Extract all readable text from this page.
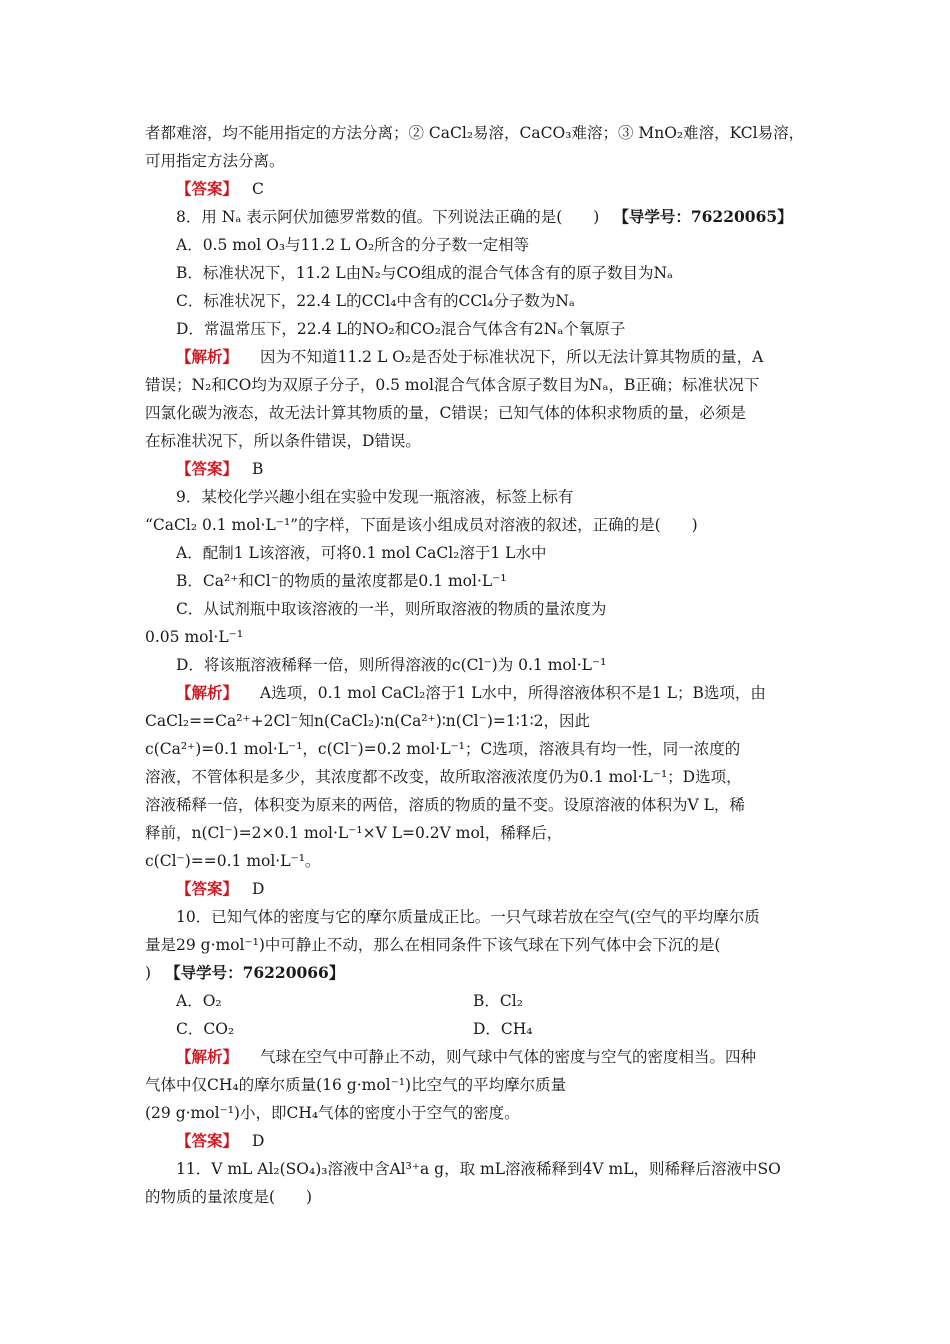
者都难溶，均不能用指定的方法分离；② CaCl₂易溶，CaCO₃难溶；③ MnO₂难溶，KCl易溶，
可用指定方法分离。
【答案】 C
8．用 Nₐ 表示阿伏加德罗常数的值。下列说法正确的是(　　) 【导学号：76220065】
A．0.5 mol O₃与11.2 L O₂所含的分子数一定相等
B．标准状况下，11.2 L由N₂与CO组成的混合气体含有的原子数目为Nₐ
C．标准状况下，22.4 L的CCl₄中含有的CCl₄分子数为Nₐ
D．常温常压下，22.4 L的NO₂和CO₂混合气体含有2Nₐ个氧原子
【解析】 因为不知道11.2 L O₂是否处于标准状况下，所以无法计算其物质的量，A
错误；N₂和CO均为双原子分子，0.5 mol混合气体含原子数目为Nₐ，B正确；标准状况下
四氯化碳为液态，故无法计算其物质的量，C错误；已知气体的体积求物质的量，必须是
在标准状况下，所以条件错误，D错误。
【答案】 B
9．某校化学兴趣小组在实验中发现一瓶溶液，标签上标有
“CaCl₂ 0.1 mol·L⁻¹”的字样，下面是该小组成员对溶液的叙述，正确的是(　　)
A．配制1 L该溶液，可将0.1 mol CaCl₂溶于1 L水中
B．Ca²⁺和Cl⁻的物质的量浓度都是0.1 mol·L⁻¹
C．从试剂瓶中取该溶液的一半，则所取溶液的物质的量浓度为
0.05 mol·L⁻¹
D．将该瓶溶液稀释一倍，则所得溶液的c(Cl⁻)为 0.1 mol·L⁻¹
【解析】 A选项，0.1 mol CaCl₂溶于1 L水中，所得溶液体积不是1 L；B选项，由
CaCl₂==Ca²⁺+2Cl⁻知n(CaCl₂)∶n(Ca²⁺)∶n(Cl⁻)=1∶1∶2，因此
c(Ca²⁺)=0.1 mol·L⁻¹，c(Cl⁻)=0.2 mol·L⁻¹；C选项，溶液具有均一性，同一浓度的
溶液，不管体积是多少，其浓度都不改变，故所取溶液浓度仍为0.1 mol·L⁻¹；D选项，
溶液稀释一倍，体积变为原来的两倍，溶质的物质的量不变。设原溶液的体积为V L，稀
释前，n(Cl⁻)=2×0.1 mol·L⁻¹×V L=0.2V mol，稀释后，
c(Cl⁻)==0.1 mol·L⁻¹。
【答案】 D
10．已知气体的密度与它的摩尔质量成正比。一只气球若放在空气(空气的平均摩尔质
量是29 g·mol⁻¹)中可静止不动，那么在相同条件下该气球在下列气体中会下沉的是(
) 【导学号：76220066】
A．O₂	B．Cl₂
C．CO₂	D．CH₄
【解析】 气球在空气中可静止不动，则气球中气体的密度与空气的密度相当。四种
气体中仅CH₄的摩尔质量(16 g·mol⁻¹)比空气的平均摩尔质量
(29 g·mol⁻¹)小，即CH₄气体的密度小于空气的密度。
【答案】 D
11．V mL Al₂(SO₄)₃溶液中含Al³⁺a g，取 mL溶液稀释到4V mL，则稀释后溶液中SO
的物质的量浓度是(　　)
